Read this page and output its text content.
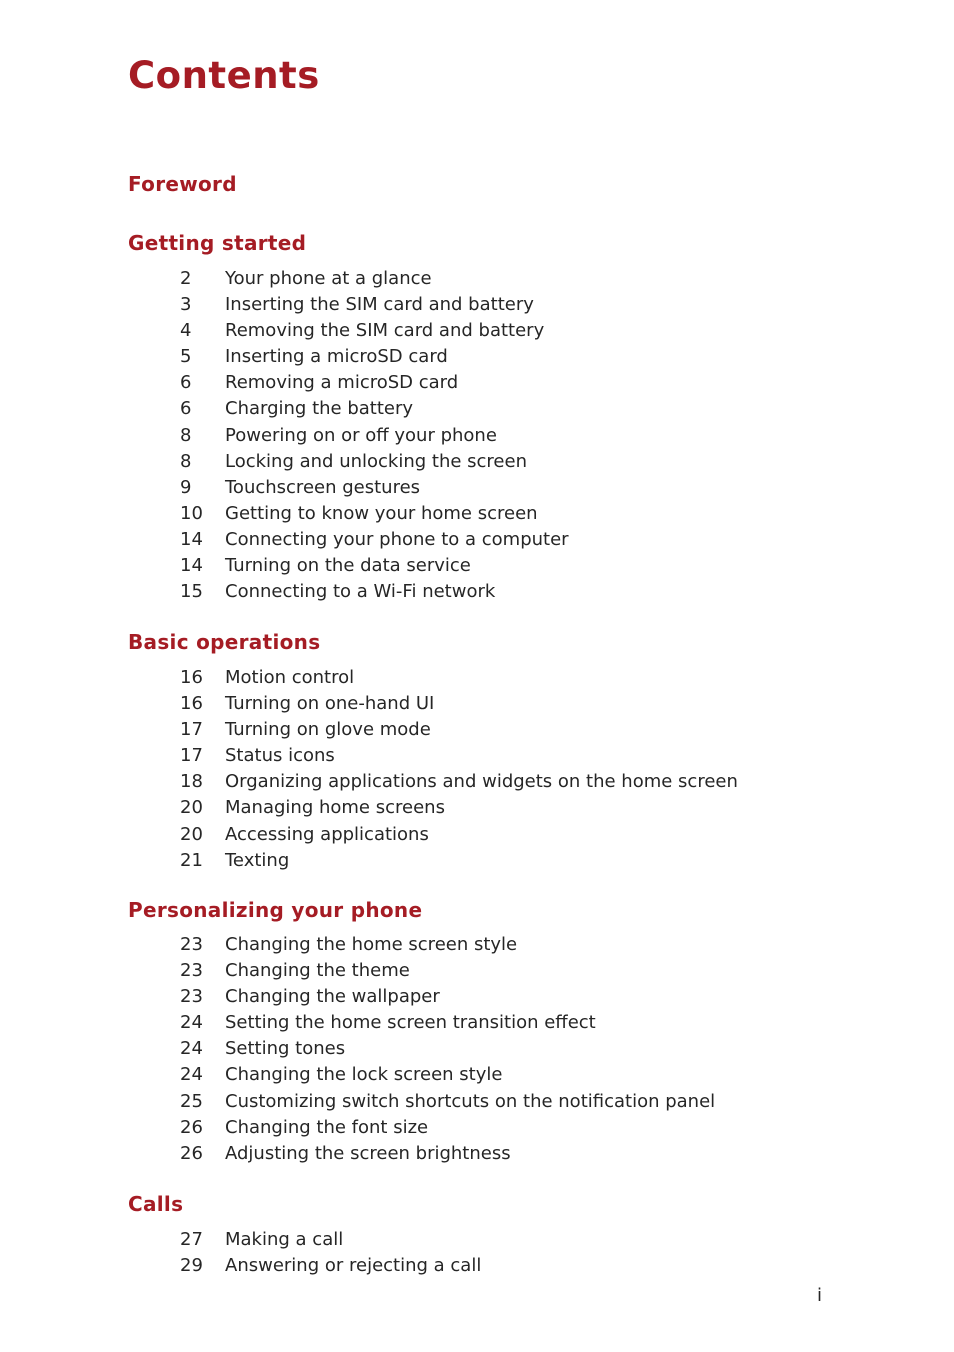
Contents
Foreword
Getting started
2 Your phone at a glance
3 Inserting the SIM card and battery
4 Removing the SIM card and battery
5 Inserting a microSD card
6 Removing a microSD card
6 Charging the battery
8 Powering on or off your phone
8 Locking and unlocking the screen
9 Touchscreen gestures
10 Getting to know your home screen
14 Connecting your phone to a computer
14 Turning on the data service
15 Connecting to a Wi-Fi network
Basic operations
16 Motion control
16 Turning on one-hand UI
17 Turning on glove mode
17 Status icons
18 Organizing applications and widgets on the home screen
20 Managing home screens
20 Accessing applications
21 Texting
Personalizing your phone
23 Changing the home screen style
23 Changing the theme
23 Changing the wallpaper
24 Setting the home screen transition effect
24 Setting tones
24 Changing the lock screen style
25 Customizing switch shortcuts on the notification panel
26 Changing the font size
26 Adjusting the screen brightness
Calls
27 Making a call
29 Answering or rejecting a call
i
